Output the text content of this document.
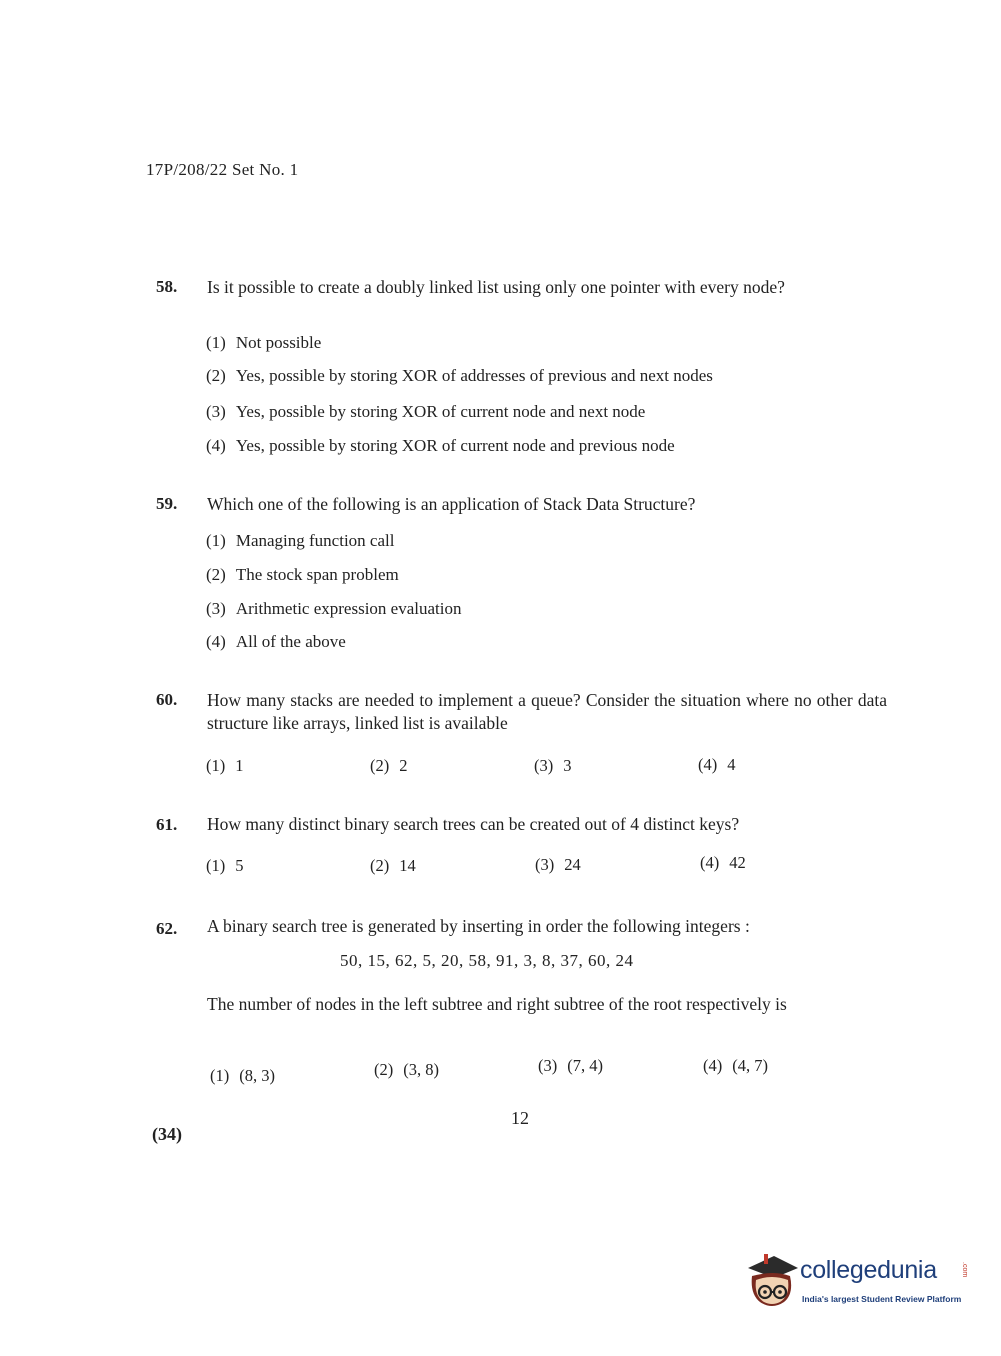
17P/208/22 Set No. 1
58. Is it possible to create a doubly linked list using only one pointer with every node?
(1) Not possible
(2) Yes, possible by storing XOR of addresses of previous and next nodes
(3) Yes, possible by storing XOR of current node and next node
(4) Yes, possible by storing XOR of current node and previous node
59. Which one of the following is an application of Stack Data Structure?
(1) Managing function call
(2) The stock span problem
(3) Arithmetic expression evaluation
(4) All of the above
60. How many stacks are needed to implement a queue? Consider the situation where no other data structure like arrays, linked list is available
(1) 1	(2) 2	(3) 3	(4) 4
61. How many distinct binary search trees can be created out of 4 distinct keys?
(1) 5	(2) 14	(3) 24	(4) 42
62. A binary search tree is generated by inserting in order the following integers :
50, 15, 62, 5, 20, 58, 91, 3, 8, 37, 60, 24
The number of nodes in the left subtree and right subtree of the root respectively is
(1) (8, 3)	(2) (3, 8)	(3) (7, 4)	(4) (4, 7)
12
(34)
collegedunia	.com
India's largest Student Review Platform
